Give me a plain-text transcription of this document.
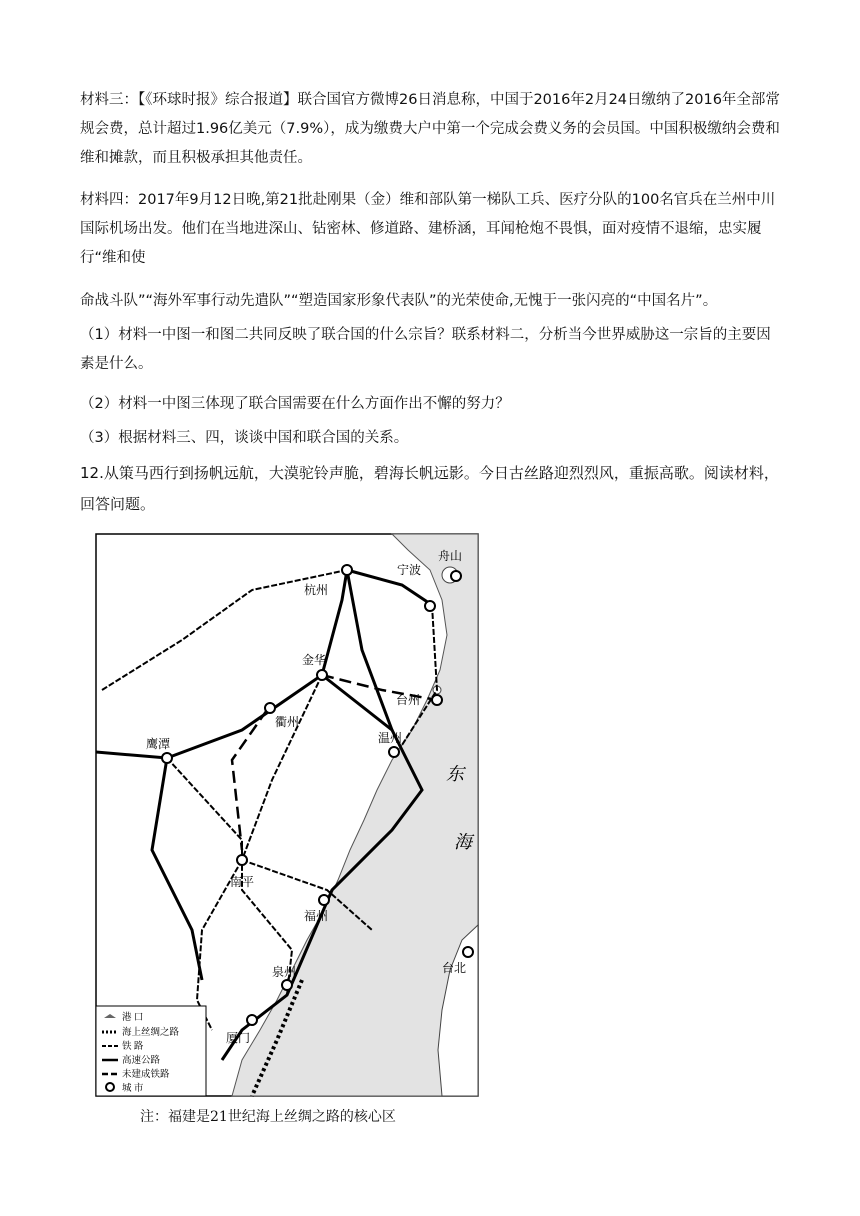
材料三：【《环球时报》综合报道】联合国官方微博26日消息称，中国于2016年2月24日缴纳了2016年全部常规会费，总计超过1.96亿美元（7.9%），成为缴费大户中第一个完成会费义务的会员国。中国积极缴纳会费和维和摊款，而且积极承担其他责任。
材料四：2017年9月12日晚,第21批赴刚果（金）维和部队第一梯队工兵、医疗分队的100名官兵在兰州中川国际机场出发。他们在当地进深山、钻密林、修道路、建桥涵，耳闻枪炮不畏惧，面对疫情不退缩，忠实履行“维和使
命战斗队”“海外军事行动先遣队”“塑造国家形象代表队”的光荣使命,无愧于一张闪亮的“中国名片”。
（1）材料一中图一和图二共同反映了联合国的什么宗旨？联系材料二，分析当今世界威胁这一宗旨的主要因素是什么。
（2）材料一中图三体现了联合国需要在什么方面作出不懈的努力？
（3）根据材料三、四，谈谈中国和联合国的关系。
12.从策马西行到扬帆远航，大漠驼铃声脆，碧海长帆远影。今日古丝路迎烈烈风，重振高歌。阅读材料，回答问题。
杭州
宁波
舟山
金华
台州
衢州
温州
鹰潭
南平
福州
泉州
厦门
台北
东
海
港 口
海上丝绸之路
铁 路
高速公路
未建成铁路
城 市
注：福建是21世纪海上丝绸之路的核心区
